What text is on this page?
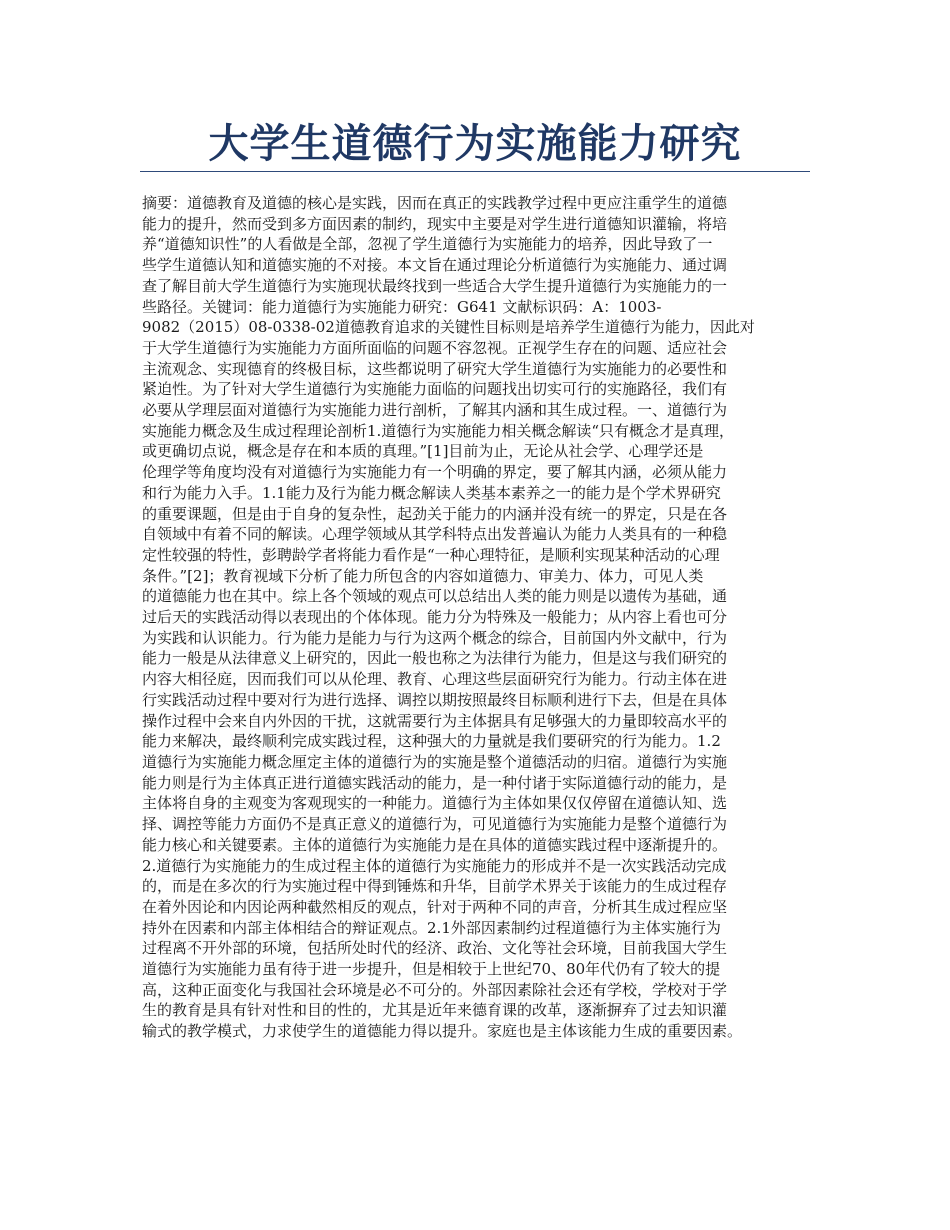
大学生道德行为实施能力研究

摘要：道德教育及道德的核心是实践，因而在真正的实践教学过程中更应注重学生的道德
能力的提升，然而受到多方面因素的制约，现实中主要是对学生进行道德知识灌输，将培
养“道德知识性”的人看做是全部，忽视了学生道德行为实施能力的培养，因此导致了一
些学生道德认知和道德实施的不对接。本文旨在通过理论分析道德行为实施能力、通过调
查了解目前大学生道德行为实施现状最终找到一些适合大学生提升道德行为实施能力的一
些路径。关键词：能力道德行为实施能力研究：G641 文献标识码：A：1003-
9082（2015）08-0338-02道德教育追求的关键性目标则是培养学生道德行为能力，因此对
于大学生道德行为实施能力方面所面临的问题不容忽视。正视学生存在的问题、适应社会
主流观念、实现德育的终极目标，这些都说明了研究大学生道德行为实施能力的必要性和
紧迫性。为了针对大学生道德行为实施能力面临的问题找出切实可行的实施路径，我们有
必要从学理层面对道德行为实施能力进行剖析，了解其内涵和其生成过程。一、道德行为
实施能力概念及生成过程理论剖析1.道德行为实施能力相关概念解读“只有概念才是真理，
或更确切点说，概念是存在和本质的真理。”[1]目前为止，无论从社会学、心理学还是
伦理学等角度均没有对道德行为实施能力有一个明确的界定，要了解其内涵，必须从能力
和行为能力入手。1.1能力及行为能力概念解读人类基本素养之一的能力是个学术界研究
的重要课题，但是由于自身的复杂性，起劲关于能力的内涵并没有统一的界定，只是在各
自领域中有着不同的解读。心理学领域从其学科特点出发普遍认为能力人类具有的一种稳
定性较强的特性，彭聘龄学者将能力看作是“一种心理特征，是顺利实现某种活动的心理
条件。”[2]；教育视域下分析了能力所包含的内容如道德力、审美力、体力，可见人类
的道德能力也在其中。综上各个领域的观点可以总结出人类的能力则是以遗传为基础，通
过后天的实践活动得以表现出的个体体现。能力分为特殊及一般能力；从内容上看也可分
为实践和认识能力。行为能力是能力与行为这两个概念的综合，目前国内外文献中，行为
能力一般是从法律意义上研究的，因此一般也称之为法律行为能力，但是这与我们研究的
内容大相径庭，因而我们可以从伦理、教育、心理这些层面研究行为能力。行动主体在进
行实践活动过程中要对行为进行选择、调控以期按照最终目标顺利进行下去，但是在具体
操作过程中会来自内外因的干扰，这就需要行为主体据具有足够强大的力量即较高水平的
能力来解决，最终顺利完成实践过程，这种强大的力量就是我们要研究的行为能力。1.2
道德行为实施能力概念厘定主体的道德行为的实施是整个道德活动的归宿。道德行为实施
能力则是行为主体真正进行道德实践活动的能力，是一种付诸于实际道德行动的能力，是
主体将自身的主观变为客观现实的一种能力。道德行为主体如果仅仅停留在道德认知、选
择、调控等能力方面仍不是真正意义的道德行为，可见道德行为实施能力是整个道德行为
能力核心和关键要素。主体的道德行为实施能力是在具体的道德实践过程中逐渐提升的。
2.道德行为实施能力的生成过程主体的道德行为实施能力的形成并不是一次实践活动完成
的，而是在多次的行为实施过程中得到锤炼和升华，目前学术界关于该能力的生成过程存
在着外因论和内因论两种截然相反的观点，针对于两种不同的声音，分析其生成过程应坚
持外在因素和内部主体相结合的辩证观点。2.1外部因素制约过程道德行为主体实施行为
过程离不开外部的环境，包括所处时代的经济、政治、文化等社会环境，目前我国大学生
道德行为实施能力虽有待于进一步提升，但是相较于上世纪70、80年代仍有了较大的提
高，这种正面变化与我国社会环境是必不可分的。外部因素除社会还有学校，学校对于学
生的教育是具有针对性和目的性的，尤其是近年来德育课的改革，逐渐摒弃了过去知识灌
输式的教学模式，力求使学生的道德能力得以提升。家庭也是主体该能力生成的重要因素。
